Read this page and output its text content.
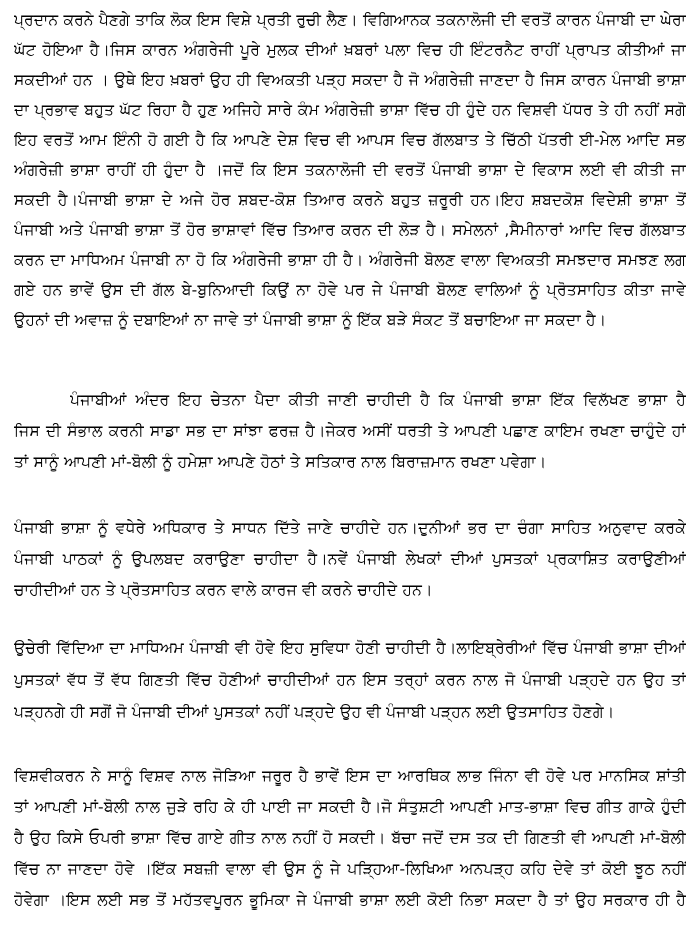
ਪ੍ਰਦਾਨ ਕਰਨੇ ਪੈਣਗੇ ਤਾਕਿ ਲੋਕ ਇਸ ਵਿਸ਼ੇ ਪ੍ਰਤੀ ਰੁਚੀ ਲੈਣ। ਵਿਗਿਆਨਕ ਤਕਨਾਲੋਜੀ ਦੀ ਵਰਤੋਂ ਕਾਰਨ ਪੰਜਾਬੀ ਦਾ ਘੇਰਾ
ਘੱਟ ਹੋਇਆ ਹੈ।ਜਿਸ ਕਾਰਨ ਅੰਗਰੇਜੀ ਪੂਰੇ ਮੁਲਕ ਦੀਆਂ ਖ਼ਬਰਾਂ ਪਲਾ ਵਿਚ ਹੀ ਇੰਟਰਨੈਟ ਰਾਹੀਂ ਪ੍ਰਾਪਤ ਕੀਤੀਆਂ ਜਾ
ਸਕਦੀਆਂ ਹਨ । ਉਥੇ ਇਹ ਖ਼ਬਰਾਂ ਉਹ ਹੀ ਵਿਅਕਤੀ ਪੜ੍ਹ ਸਕਦਾ ਹੈ ਜੋ ਅੰਗਰੇਜ਼ੀ ਜਾਣਦਾ ਹੈ ਜਿਸ ਕਾਰਨ ਪੰਜਾਬੀ ਭਾਸ਼ਾ
ਦਾ ਪ੍ਰਭਾਵ ਬਹੁਤ ਘੱਟ ਰਿਹਾ ਹੈ ਹੁਣ ਅਜਿਹੇ ਸਾਰੇ ਕੰਮ ਅੰਗਰੇਜ਼ੀ ਭਾਸ਼ਾ ਵਿੱਚ ਹੀ ਹੁੰਦੇ ਹਨ ਵਿਸ਼ਵੀ ਪੱਧਰ ਤੇ ਹੀ ਨਹੀਂ ਸਗੋ
ਇਹ ਵਰਤੋਂ ਆਮ ਇੰਨੀ ਹੋ ਗਈ ਹੈ ਕਿ ਆਪਣੇ ਦੇਸ਼ ਵਿਚ ਵੀ ਆਪਸ ਵਿਚ ਗੱਲਬਾਤ ਤੇ ਚਿੱਠੀ ਪੱਤਰੀ ਈ-ਮੇਲ ਆਦਿ ਸਭ
ਅੰਗਰੇਜ਼ੀ ਭਾਸ਼ਾ ਰਾਹੀਂ ਹੀ ਹੁੰਦਾ ਹੈ ।ਜਦੋਂ ਕਿ ਇਸ ਤਕਨਾਲੋਜੀ ਦੀ ਵਰਤੋਂ ਪੰਜਾਬੀ ਭਾਸ਼ਾ ਦੇ ਵਿਕਾਸ ਲਈ ਵੀ ਕੀਤੀ ਜਾ
ਸਕਦੀ ਹੈ।ਪੰਜਾਬੀ ਭਾਸ਼ਾ ਦੇ ਅਜੇ ਹੋਰ ਸ਼ਬਦ-ਕੋਸ਼ ਤਿਆਰ ਕਰਨੇ ਬਹੁਤ ਜ਼ਰੂਰੀ ਹਨ।ਇਹ ਸ਼ਬਦਕੋਸ਼ ਵਿਦੇਸ਼ੀ ਭਾਸ਼ਾ ਤੋਂ
ਪੰਜਾਬੀ ਅਤੇ ਪੰਜਾਬੀ ਭਾਸ਼ਾ ਤੋਂ ਹੋਰ ਭਾਸ਼ਾਵਾਂ ਵਿੱਚ ਤਿਆਰ ਕਰਨ ਦੀ ਲੋੜ ਹੈ। ਸਮੇਲਨਾਂ ,ਸੈਮੀਨਾਰਾਂ ਆਦਿ ਵਿਚ ਗੱਲਬਾਤ
ਕਰਨ ਦਾ ਮਾਧਿਅਮ ਪੰਜਾਬੀ ਨਾ ਹੋ ਕਿ ਅੰਗਰੇਜੀ ਭਾਸ਼ਾ ਹੀ ਹੈ। ਅੰਗਰੇਜੀ ਬੋਲਣ ਵਾਲਾ ਵਿਅਕਤੀ ਸਮਝਦਾਰ ਸਮਝਣ ਲਗ
ਗਏ ਹਨ ਭਾਵੇਂ ਉਸ ਦੀ ਗੱਲ ਬੇ-ਬੁਨਿਆਦੀ ਕਿਉਂ ਨਾ ਹੋਵੇ ਪਰ ਜੇ ਪੰਜਾਬੀ ਬੋਲਣ ਵਾਲਿਆਂ ਨੂੰ ਪ੍ਰੋਤਸਾਹਿਤ ਕੀਤਾ ਜਾਵੇ
ਉਹਨਾਂ ਦੀ ਅਵਾਜ਼ ਨੂੰ ਦਬਾਇਆਂ ਨਾ ਜਾਵੇ ਤਾਂ ਪੰਜਾਬੀ ਭਾਸ਼ਾ ਨੂੰ ਇੱਕ ਬੜੇ ਸੰਕਟ ਤੋਂ ਬਚਾਇਆ ਜਾ ਸਕਦਾ ਹੈ।
ਪੰਜਾਬੀਆਂ ਅੰਦਰ ਇਹ ਚੇਤਨਾ ਪੈਦਾ ਕੀਤੀ ਜਾਣੀ ਚਾਹੀਦੀ ਹੈ ਕਿ ਪੰਜਾਬੀ ਭਾਸ਼ਾ ਇੱਕ ਵਿਲੱਖਣ ਭਾਸ਼ਾ ਹੈ
ਜਿਸ ਦੀ ਸੰਭਾਲ ਕਰਨੀ ਸਾਡਾ ਸਭ ਦਾ ਸਾਂਝਾ ਫਰਜ਼ ਹੈ।ਜੇਕਰ ਅਸੀਂ ਧਰਤੀ ਤੇ ਆਪਣੀ ਪਛਾਣ ਕਾਇਮ ਰਖਣਾ ਚਾਹੁੰਦੇ ਹਾਂ
ਤਾਂ ਸਾਨੂੰ ਆਪਣੀ ਮਾਂ-ਬੋਲੀ ਨੂੰ ਹਮੇਸ਼ਾ ਆਪਣੇ ਹੋਠਾਂ ਤੇ ਸਤਿਕਾਰ ਨਾਲ ਬਿਰਾਜ਼ਮਾਨ ਰਖਣਾ ਪਵੇਗਾ।
ਪੰਜਾਬੀ ਭਾਸ਼ਾ ਨੂੰ ਵਧੇਰੇ ਅਧਿਕਾਰ ਤੇ ਸਾਧਨ ਦਿੱਤੇ ਜਾਣੇ ਚਾਹੀਦੇ ਹਨ।ਦੁਨੀਆਂ ਭਰ ਦਾ ਚੰਗਾ ਸਾਹਿਤ ਅਨੁਵਾਦ ਕਰਕੇ
ਪੰਜਾਬੀ ਪਾਠਕਾਂ ਨੂੰ ਉਪਲਬਦ ਕਰਾਉਣਾ ਚਾਹੀਦਾ ਹੈ।ਨਵੇਂ ਪੰਜਾਬੀ ਲੇਖਕਾਂ ਦੀਆਂ ਪੁਸਤਕਾਂ ਪ੍ਰਕਾਸ਼ਿਤ ਕਰਾਉਣੀਆਂ
ਚਾਹੀਦੀਆਂ ਹਨ ਤੇ ਪ੍ਰੋਤਸਾਹਿਤ ਕਰਨ ਵਾਲੇ ਕਾਰਜ ਵੀ ਕਰਨੇ ਚਾਹੀਦੇ ਹਨ।
ਉਚੇਰੀ ਵਿੱਦਿਆ ਦਾ ਮਾਧਿਅਮ ਪੰਜਾਬੀ ਵੀ ਹੋਵੇ ਇਹ ਸੁਵਿਧਾ ਹੋਣੀ ਚਾਹੀਦੀ ਹੈ।ਲਾਇਬ੍ਰੇਰੀਆਂ ਵਿੱਚ ਪੰਜਾਬੀ ਭਾਸ਼ਾ ਦੀਆਂ
ਪੁਸਤਕਾਂ ਵੱਧ ਤੋਂ ਵੱਧ ਗਿਣਤੀ ਵਿੱਚ ਹੋਣੀਆਂ ਚਾਹੀਦੀਆਂ ਹਨ ਇਸ ਤਰ੍ਹਾਂ ਕਰਨ ਨਾਲ ਜੋ ਪੰਜਾਬੀ ਪੜ੍ਹਦੇ ਹਨ ਉਹ ਤਾਂ
ਪੜ੍ਹਨਗੇ ਹੀ ਸਗੋਂ ਜੋ ਪੰਜਾਬੀ ਦੀਆਂ ਪੁਸਤਕਾਂ ਨਹੀਂ ਪੜ੍ਹਦੇ ਉਹ ਵੀ ਪੰਜਾਬੀ ਪੜ੍ਹਨ ਲਈ ਉਤਸਾਹਿਤ ਹੋਣਗੇ।
ਵਿਸ਼ਵੀਕਰਨ ਨੇ ਸਾਨੂੰ ਵਿਸ਼ਵ ਨਾਲ ਜੋੜਿਆ ਜਰੂਰ ਹੈ ਭਾਵੇਂ ਇਸ ਦਾ ਆਰਥਿਕ ਲਾਭ ਜਿੰਨਾ ਵੀ ਹੋਵੇ ਪਰ ਮਾਨਸਿਕ ਸ਼ਾਂਤੀ
ਤਾਂ ਆਪਣੀ ਮਾਂ-ਬੋਲੀ ਨਾਲ ਜੁੜੇ ਰਹਿ ਕੇ ਹੀ ਪਾਈ ਜਾ ਸਕਦੀ ਹੈ।ਜੋ ਸੰਤੁਸ਼ਟੀ ਆਪਣੀ ਮਾਤ-ਭਾਸ਼ਾ ਵਿਚ ਗੀਤ ਗਾਕੇ ਹੁੰਦੀ
ਹੈ ਉਹ ਕਿਸੇ ਓਪਰੀ ਭਾਸ਼ਾ ਵਿੱਚ ਗਾਏ ਗੀਤ ਨਾਲ ਨਹੀਂ ਹੋ ਸਕਦੀ। ਬੱਚਾ ਜਦੋਂ ਦਸ ਤਕ ਦੀ ਗਿਣਤੀ ਵੀ ਆਪਣੀ ਮਾਂ-ਬੋਲੀ
ਵਿੱਚ ਨਾ ਜਾਣਦਾ ਹੋਵੇ ।ਇੱਕ ਸਬਜ਼ੀ ਵਾਲਾ ਵੀ ਉਸ ਨੂੰ ਜੇ ਪੜ੍ਹਿਆ-ਲਿਖਿਆ ਅਨਪੜ੍ਹ ਕਹਿ ਦੇਵੇ ਤਾਂ ਕੋਈ ਝੂਠ ਨਹੀਂ
ਹੋਵੇਗਾ ।ਇਸ ਲਈ ਸਭ ਤੋਂ ਮਹੱਤਵਪੂਰਨ ਭੂਮਿਕਾ ਜੇ ਪੰਜਾਬੀ ਭਾਸ਼ਾ ਲਈ ਕੋਈ ਨਿਭਾ ਸਕਦਾ ਹੈ ਤਾਂ ਉਹ ਸਰਕਾਰ ਹੀ ਹੈ
